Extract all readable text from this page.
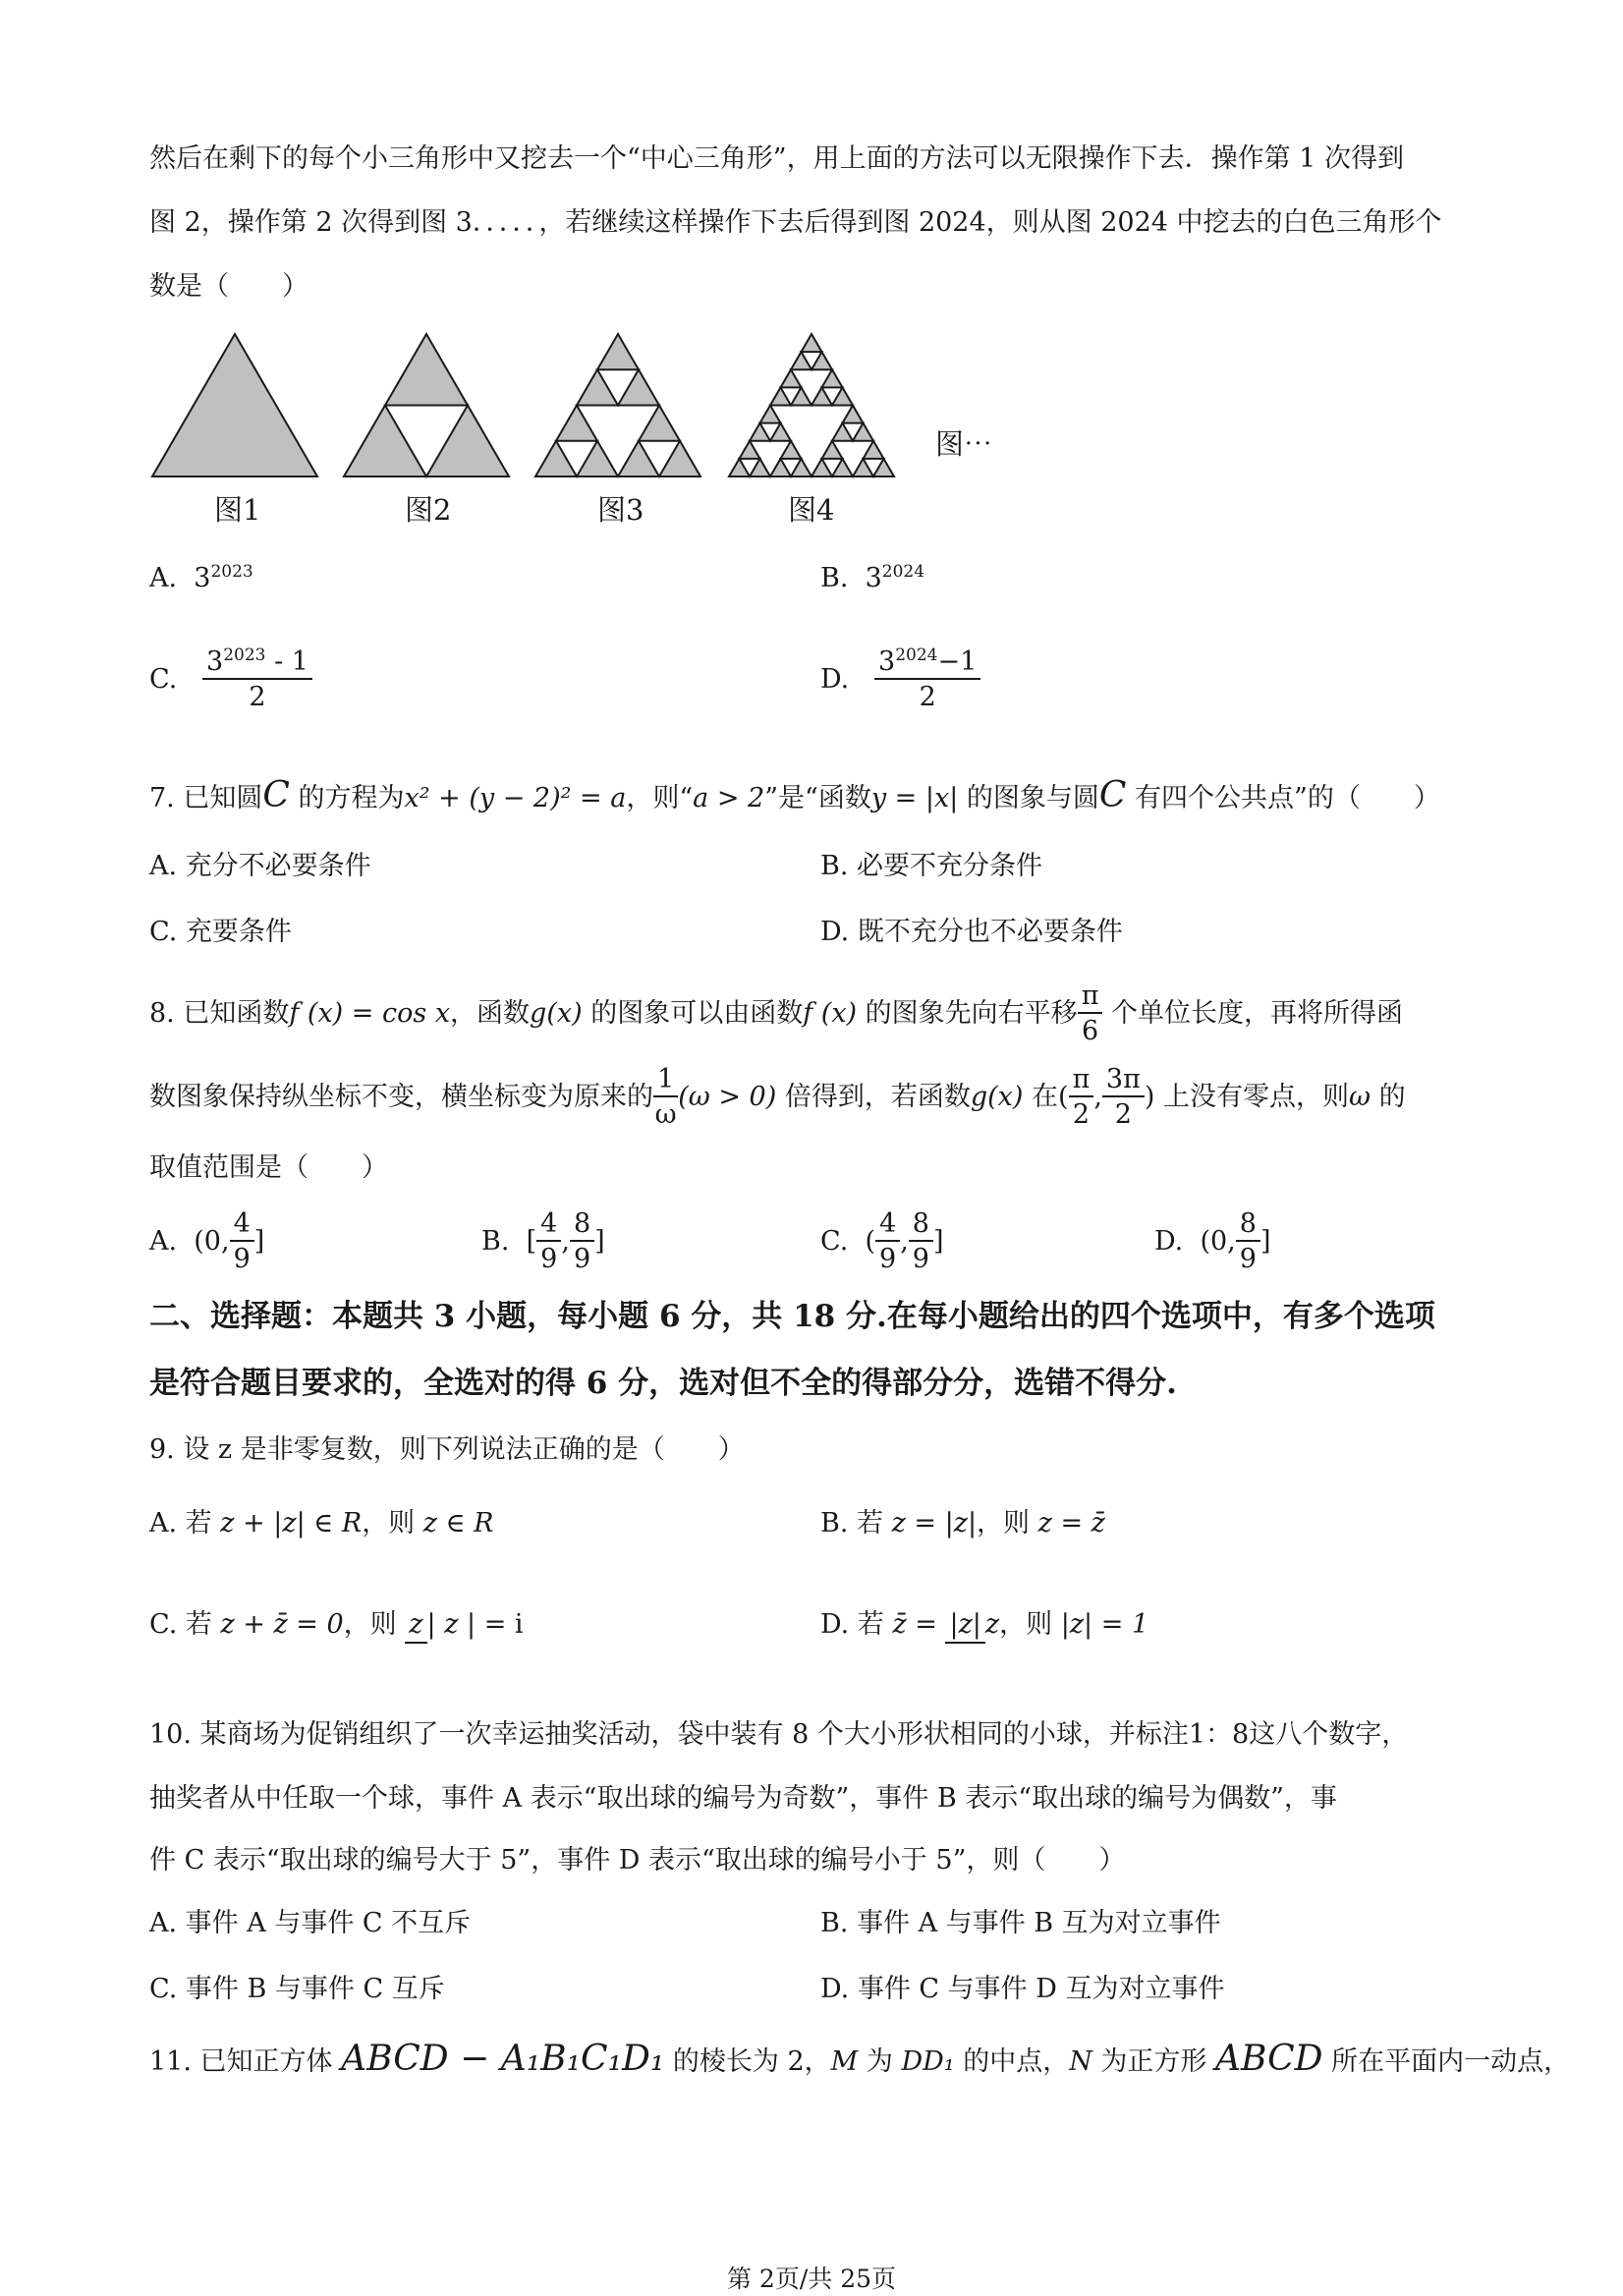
然后在剩下的每个小三角形中又挖去一个“中心三角形”，用上面的方法可以无限操作下去．操作第 1 次得到
图 2，操作第 2 次得到图 3．．．．．，若继续这样操作下去后得到图 2024，则从图 2024 中挖去的白色三角形个
数是（　　）
图1	图2	图3	图4
图⋯
A. $3^{2023}$	B. $3^{2024}$
C. $\frac{3^{2023} - 1}{2}$	D. $\frac{3^{2024}-1}{2}$
7. 已知圆C 的方程为x² + (y − 2)² = a，则“a > 2”是“函数y = |x| 的图象与圆C 有四个公共点”的（　　）
A. 充分不必要条件	B. 必要不充分条件
C. 充要条件	D. 既不充分也不必要条件
8. 已知函数f (x) = cos x，函数g(x) 的图象可以由函数f (x) 的图象先向右平移 $\frac{\pi}{6}$ 个单位长度，再将所得函
数图象保持纵坐标不变，横坐标变为原来的 $\frac{1}{\omega} (\omega > 0)$ 倍得到，若函数g(x) 在( $\frac{\pi}{2}$ , $\frac{3\pi}{2}$ ) 上没有零点，则ω 的
取值范围是（　　）
A. (0, $\frac{4}{9}$ ]	B. [ $\frac{4}{9}$ , $\frac{8}{9}$ ]	C. ( $\frac{4}{9}$ , $\frac{8}{9}$ ]	D. (0, $\frac{8}{9}$ ]
二、选择题：本题共 3 小题，每小题 6 分，共 18 分.在每小题给出的四个选项中，有多个选项
是符合题目要求的，全选对的得 6 分，选对但不全的得部分分，选错不得分.
9. 设 z 是非零复数，则下列说法正确的是（　　）
A. 若 z + |z| ∈ R，则 z ∈ R	B. 若 z = |z|，则 z = z̄
C. 若 z + z̄ = 0，则 z | z | = i	D. 若 z̄ = |z| z，则 |z| = 1
10. 某商场为促销组织了一次幸运抽奖活动，袋中装有 8 个大小形状相同的小球，并标注1：8这八个数字，
抽奖者从中任取一个球，事件 A 表示“取出球的编号为奇数”，事件 B 表示“取出球的编号为偶数”，事
件 C 表示“取出球的编号大于 5”，事件 D 表示“取出球的编号小于 5”，则（　　）
A. 事件 A 与事件 C 不互斥	B. 事件 A 与事件 B 互为对立事件
C. 事件 B 与事件 C 互斥	D. 事件 C 与事件 D 互为对立事件
11. 已知正方体 ABCD − A₁B₁C₁D₁ 的棱长为 2，M 为 DD₁ 的中点，N 为正方形 ABCD 所在平面内一动点，
第 2页/共 25页
